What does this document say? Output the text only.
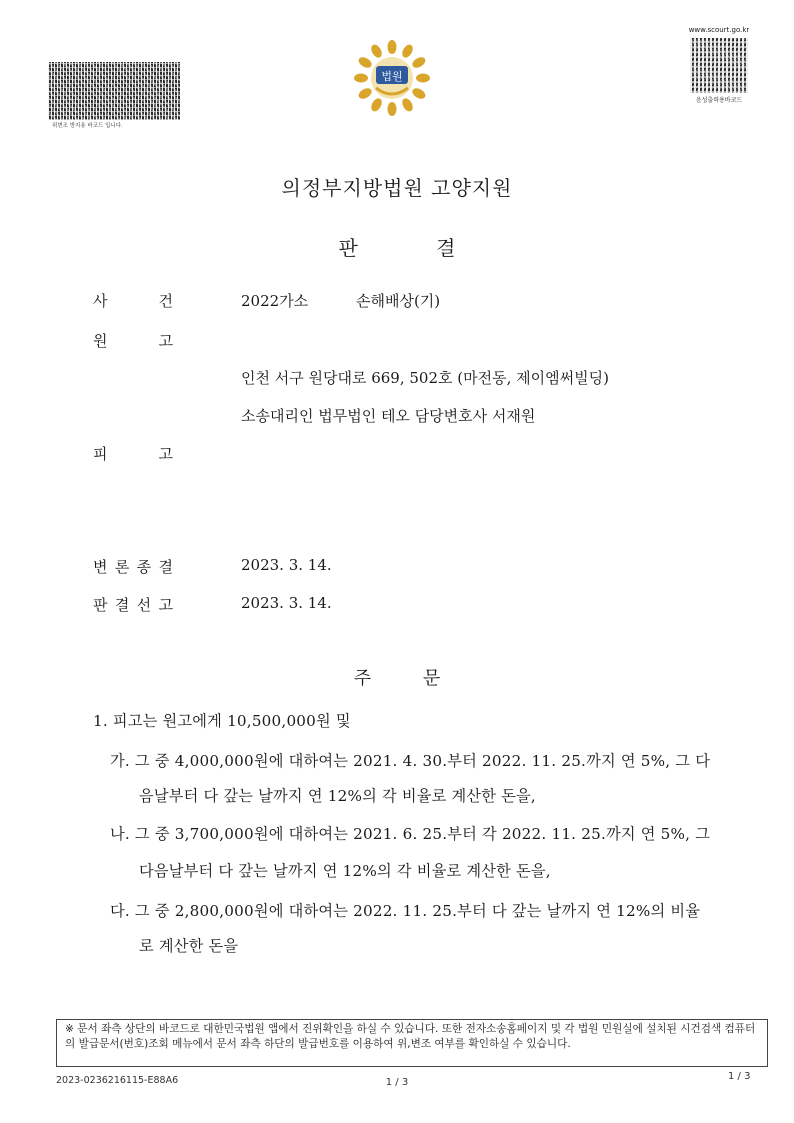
위변조 방지용 바코드 입니다.
www.scourt.go.kr
음성출력용바코드
법원
의정부지방법원 고양지원
판 결
사	건	2022가소	손해배상(기)
원	고
인천 서구 원당대로 669, 502호 (마전동, 제이엠써빌딩)
소송대리인 법무법인 테오 담당변호사 서재원
피	고
변 론 종 결	2023. 3. 14.
판 결 선 고	2023. 3. 14.
주 문
1. 피고는 원고에게 10,500,000원 및
가. 그 중 4,000,000원에 대하여는 2021. 4. 30.부터 2022. 11. 25.까지 연 5%, 그 다
음날부터 다 갚는 날까지 연 12%의 각 비율로 계산한 돈을,
나. 그 중 3,700,000원에 대하여는 2021. 6. 25.부터 각 2022. 11. 25.까지 연 5%, 그
다음날부터 다 갚는 날까지 연 12%의 각 비율로 계산한 돈을,
다. 그 중 2,800,000원에 대하여는 2022. 11. 25.부터 다 갚는 날까지 연 12%의 비율
로 계산한 돈을
※ 문서 좌측 상단의 바코드로 대한민국법원 앱에서 진위확인을 하실 수 있습니다. 또한 전자소송홈페이지 및 각 법원 민원실에 설치된 시건검색 컴퓨터의 발급문서(번호)조회 메뉴에서 문서 좌측 하단의 발급번호를 이용하여 위,변조 여부를 확인하실 수 있습니다.
2023-0236216115-E88A6	1 / 3
1 / 3
